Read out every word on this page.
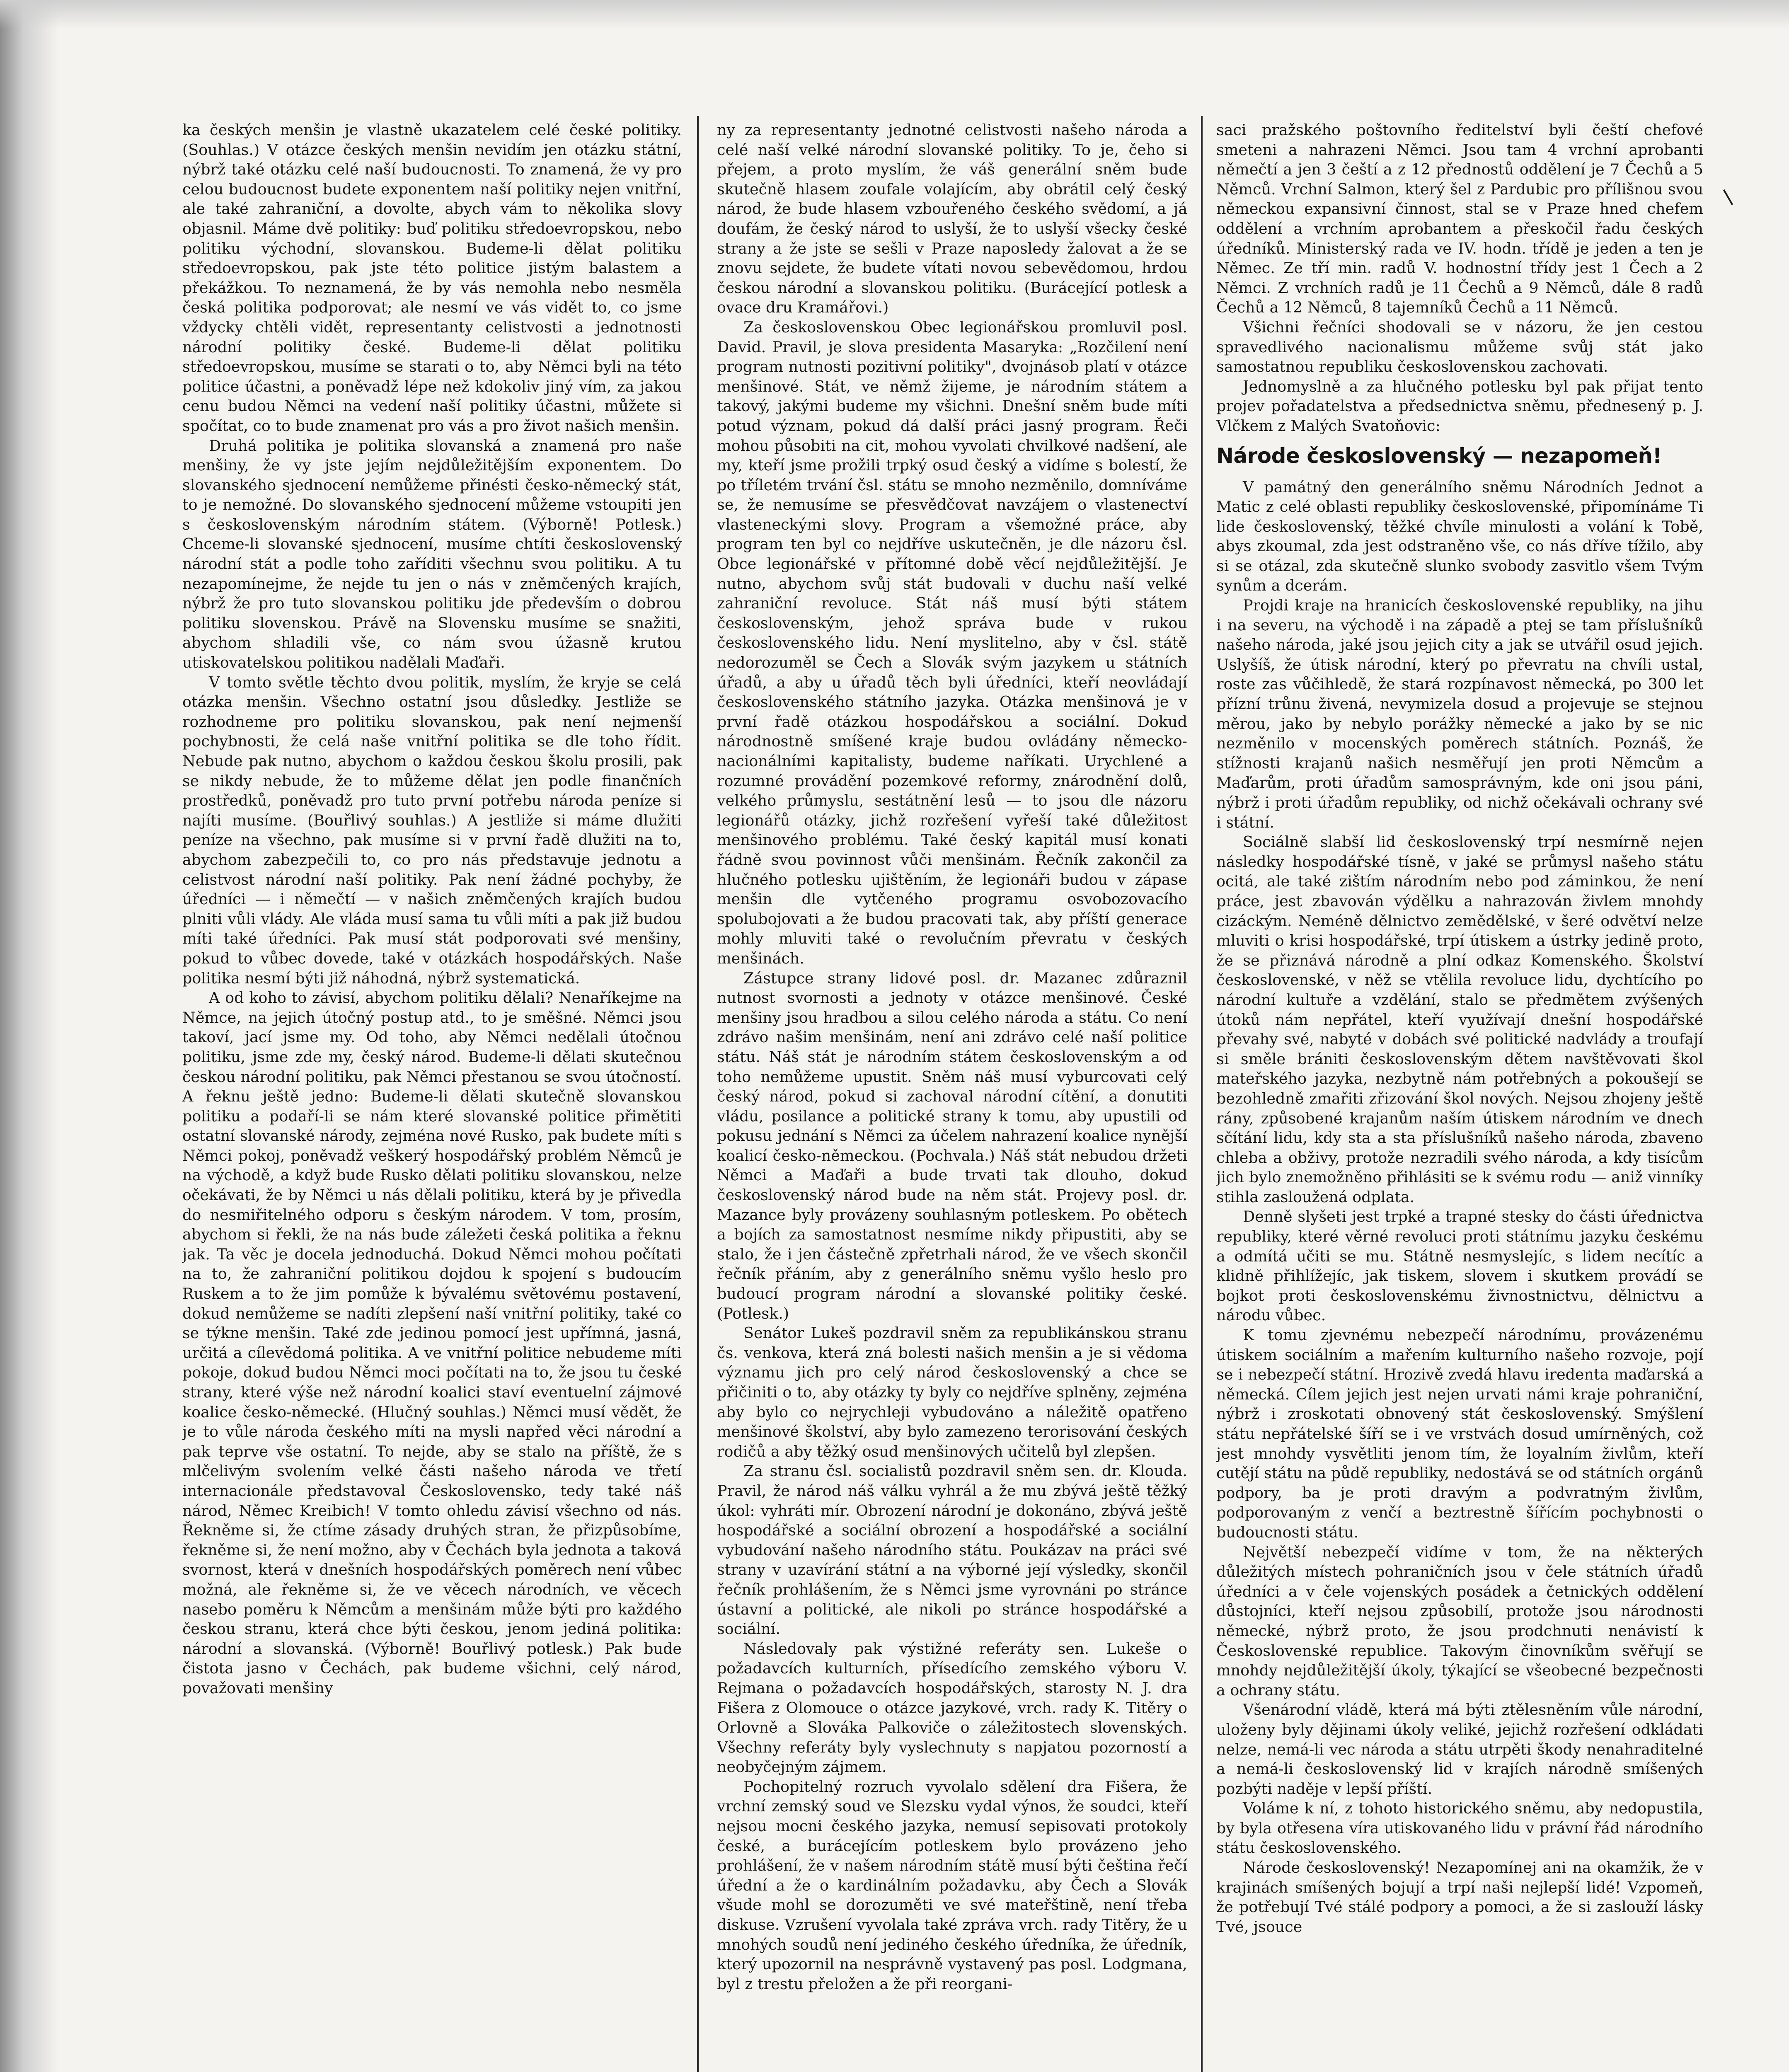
ka českých menšin je vlastně ukazatelem celé české politiky. (Souhlas.) V otázce českých menšin nevidím jen otázku státní, nýbrž také otázku celé naší budoucnosti. To znamená, že vy pro celou budoucnost budete exponentem naší politiky nejen vnitřní, ale také zahraniční, a dovolte, abych vám to několika slovy objasnil. Máme dvě politiky: buď politiku středoevropskou, nebo politiku východní, slovanskou. Budeme-li dělat politiku středoevropskou, pak jste této politice jistým balastem a překážkou. To neznamená, že by vás nemohla nebo nesměla česká politika podporovat; ale nesmí ve vás vidět to, co jsme vždycky chtěli vidět, representanty celistvosti a jednotnosti národní politiky české. Budeme-li dělat politiku středoevropskou, musíme se starati o to, aby Němci byli na této politice účastni, a poněvadž lépe než kdokoliv jiný vím, za jakou cenu budou Němci na vedení naší politiky účastni, můžete si spočítat, co to bude znamenat pro vás a pro život našich menšin.

Druhá politika je politika slovanská a znamená pro naše menšiny, že vy jste jejím nejdůležitějším exponentem. Do slovanského sjednocení nemůžeme přinésti česko-německý stát, to je nemožné. Do slovanského sjednocení můžeme vstoupiti jen s československým národním státem. (Výborně! Potlesk.) Chceme-li slovanské sjednocení, musíme chtíti československý národní stát a podle toho zaříditi všechnu svou politiku. A tu nezapomínejme, že nejde tu jen o nás v zněmčených krajích, nýbrž že pro tuto slovanskou politiku jde především o dobrou politiku slovenskou. Právě na Slovensku musíme se snažiti, abychom shladili vše, co nám svou úžasně krutou utiskovatelskou politikou nadělali Maďaři.

V tomto světle těchto dvou politik, myslím, že kryje se celá otázka menšin. Všechno ostatní jsou důsledky. Jestliže se rozhodneme pro politiku slovanskou, pak není nejmenší pochybnosti, že celá naše vnitřní politika se dle toho řídit. Nebude pak nutno, abychom o každou českou školu prosili, pak se nikdy nebude, že to můžeme dělat jen podle finančních prostředků, poněvadž pro tuto první potřebu národa peníze si najíti musíme. (Bouřlivý souhlas.) A jestliže si máme dlužiti peníze na všechno, pak musíme si v první řadě dlužiti na to, abychom zabezpečili to, co pro nás představuje jednotu a celistvost národní naší politiky. Pak není žádné pochyby, že úředníci — i němečtí — v našich zněmčených krajích budou plniti vůli vlády. Ale vláda musí sama tu vůli míti a pak již budou míti také úředníci. Pak musí stát podporovati své menšiny, pokud to vůbec dovede, také v otázkách hospodářských. Naše politika nesmí býti již náhodná, nýbrž systematická.

A od koho to závisí, abychom politiku dělali? Nenaříkejme na Němce, na jejich útočný postup atd., to je směšné. Němci jsou takoví, jací jsme my. Od toho, aby Němci nedělali útočnou politiku, jsme zde my, český národ. Budeme-li dělati skutečnou českou národní politiku, pak Němci přestanou se svou útočností. A řeknu ještě jedno: Budeme-li dělati skutečně slovanskou politiku a podaří-li se nám které slovanské politice přimětiti ostatní slovanské národy, zejména nové Rusko, pak budete míti s Němci pokoj, poněvadž veškerý hospodářský problém Němců je na východě, a když bude Rusko dělati politiku slovanskou, nelze očekávati, že by Němci u nás dělali politiku, která by je přivedla do nesmiřitelného odporu s českým národem. V tom, prosím, abychom si řekli, že na nás bude záležeti česká politika a řeknu jak. Ta věc je docela jednoduchá. Dokud Němci mohou počítati na to, že zahraniční politikou dojdou k spojení s budoucím Ruskem a to že jim pomůže k bývalému světovému postavení, dokud nemůžeme se nadíti zlepšení naší vnitřní politiky, také co se týkne menšin. Také zde jedinou pomocí jest upřímná, jasná, určitá a cílevědomá politika. A ve vnitřní politice nebudeme míti pokoje, dokud budou Němci moci počítati na to, že jsou tu české strany, které výše než národní koalici staví eventuelní zájmové koalice česko-německé. (Hlučný souhlas.) Němci musí vědět, že je to vůle národa českého míti na mysli napřed věci národní a pak teprve vše ostatní. To nejde, aby se stalo na příště, že s mlčelivým svolením velké části našeho národa ve třetí internacionále představoval Československo, tedy také náš národ, Němec Kreibich! V tomto ohledu závisí všechno od nás. Řekněme si, že ctíme zásady druhých stran, že přizpůsobíme, řekněme si, že není možno, aby v Čechách byla jednota a taková svornost, která v dnešních hospodářských poměrech není vůbec možná, ale řekněme si, že ve věcech národních, ve věcech nasebo poměru k Němcům a menšinám může býti pro každého českou stranu, která chce býti českou, jenom jediná politika: národní a slovanská. (Výborně! Bouřlivý potlesk.) Pak bude čistota jasno v Čechách, pak budeme všichni, celý národ, považovati menšiny

ny za representanty jednotné celistvosti našeho národa a celé naší velké národní slovanské politiky. To je, čeho si přejem, a proto myslím, že váš generální sněm bude skutečně hlasem zoufale volajícím, aby obrátil celý český národ, že bude hlasem vzbouřeného českého svědomí, a já doufám, že český národ to uslyší, že to uslyší všecky české strany a že jste se sešli v Praze naposledy žalovat a že se znovu sejdete, že budete vítati novou sebevědomou, hrdou českou národní a slovanskou politiku. (Burácející potlesk a ovace dru Kramářovi.)

Za československou Obec legionářskou promluvil posl. David. Pravil, je slova presidenta Masaryka: „Rozčilení není program nutnosti pozitivní politiky", dvojnásob platí v otázce menšinové. Stát, ve němž žijeme, je národním státem a takový, jakými budeme my všichni. Dnešní sněm bude míti potud význam, pokud dá další práci jasný program. Řeči mohou působiti na cit, mohou vyvolati chvilkové nadšení, ale my, kteří jsme prožili trpký osud český a vidíme s bolestí, že po tříletém trvání čsl. státu se mnoho nezměnilo, domníváme se, že nemusíme se přesvědčovat navzájem o vlastenectví vlasteneckými slovy. Program a všemožné práce, aby program ten byl co nejdříve uskutečněn, je dle názoru čsl. Obce legionářské v přítomné době věcí nejdůležitější. Je nutno, abychom svůj stát budovali v duchu naší velké zahraniční revoluce. Stát náš musí býti státem československým, jehož správa bude v rukou československého lidu. Není myslitelno, aby v čsl. státě nedorozuměl se Čech a Slovák svým jazykem u státních úřadů, a aby u úřadů těch byli úředníci, kteří neovládají československého státního jazyka. Otázka menšinová je v první řadě otázkou hospodářskou a sociální. Dokud národnostně smíšené kraje budou ovládány německo-nacionálními kapitalisty, budeme naříkati. Urychlené a rozumné provádění pozemkové reformy, znárodnění dolů, velkého průmyslu, sestátnění lesů — to jsou dle názoru legionářů otázky, jichž rozřešení vyřeší také důležitost menšinového problému. Také český kapitál musí konati řádně svou povinnost vůči menšinám. Řečník zakončil za hlučného potlesku ujištěním, že legionáři budou v zápase menšin dle vytčeného programu osvobozovacího spolubojovati a že budou pracovati tak, aby příští generace mohly mluviti také o revolučním převratu v českých menšinách.

Zástupce strany lidové posl. dr. Mazanec zdůraznil nutnost svornosti a jednoty v otázce menšinové. České menšiny jsou hradbou a silou celého národa a státu. Co není zdrávo našim menšinám, není ani zdrávo celé naší politice státu. Náš stát je národním státem československým a od toho nemůžeme upustit. Sněm náš musí vyburcovati celý český národ, pokud si zachoval národní cítění, a donutiti vládu, posilance a politické strany k tomu, aby upustili od pokusu jednání s Němci za účelem nahrazení koalice nynější koalicí česko-německou. (Pochvala.) Náš stát nebudou držeti Němci a Maďaři a bude trvati tak dlouho, dokud československý národ bude na něm stát. Projevy posl. dr. Mazance byly provázeny souhlasným potleskem. Po obětech a bojích za samostatnost nesmíme nikdy připustiti, aby se stalo, že i jen částečně zpřetrhali národ, že ve všech skončil řečník přáním, aby z generálního sněmu vyšlo heslo pro budoucí program národní a slovanské politiky české. (Potlesk.)

Senátor Lukeš pozdravil sněm za republikánskou stranu čs. venkova, která zná bolesti našich menšin a je si vědoma významu jich pro celý národ československý a chce se přičiniti o to, aby otázky ty byly co nejdříve splněny, zejména aby bylo co nejrychleji vybudováno a náležitě opatřeno menšinové školství, aby bylo zamezeno terorisování českých rodičů a aby těžký osud menšinových učitelů byl zlepšen.

Za stranu čsl. socialistů pozdravil sněm sen. dr. Klouda. Pravil, že národ náš válku vyhrál a že mu zbývá ještě těžký úkol: vyhráti mír. Obrození národní je dokonáno, zbývá ještě hospodářské a sociální obrození a hospodářské a sociální vybudování našeho národního státu. Poukázav na práci své strany v uzavírání státní a na výborné její výsledky, skončil řečník prohlášením, že s Němci jsme vyrovnáni po stránce ústavní a politické, ale nikoli po stránce hospodářské a sociální.

Následovaly pak výstižné referáty sen. Lukeše o požadavcích kulturních, přísedícího zemského výboru V. Rejmana o požadavcích hospodářských, starosty N. J. dra Fišera z Olomouce o otázce jazykové, vrch. rady K. Titěry o Orlovně a Slováka Palkoviče o záležitostech slovenských. Všechny referáty byly vyslechnuty s napjatou pozorností a neobyčejným zájmem.

Pochopitelný rozruch vyvolalo sdělení dra Fišera, že vrchní zemský soud ve Slezsku vydal výnos, že soudci, kteří nejsou mocni českého jazyka, nemusí sepisovati protokoly české, a burácejícím potleskem bylo provázeno jeho prohlášení, že v našem národním státě musí býti čeština řečí úřední a že o kardinálním požadavku, aby Čech a Slovák všude mohl se dorozuměti ve své mateřštině, není třeba diskuse. Vzrušení vyvolala také zpráva vrch. rady Titěry, že u mnohých soudů není jediného českého úředníka, že úředník, který upozornil na nesprávně vystavený pas posl. Lodgmana, byl z trestu přeložen a že při reorgani-

saci pražského poštovního ředitelství byli čeští chefové smeteni a nahrazeni Němci. Jsou tam 4 vrchní aprobanti němečtí a jen 3 čeští a z 12 přednostů oddělení je 7 Čechů a 5 Němců. Vrchní Salmon, který šel z Pardubic pro přílišnou svou německou expansivní činnost, stal se v Praze hned chefem oddělení a vrchním aprobantem a přeskočil řadu českých úředníků. Ministerský rada ve IV. hodn. třídě je jeden a ten je Němec. Ze tří min. radů V. hodnostní třídy jest 1 Čech a 2 Němci. Z vrchních radů je 11 Čechů a 9 Němců, dále 8 radů Čechů a 12 Němců, 8 tajemníků Čechů a 11 Němců.

Všichni řečníci shodovali se v názoru, že jen cestou spravedlivého nacionalismu můžeme svůj stát jako samostatnou republiku československou zachovati.

Jednomyslně a za hlučného potlesku byl pak přijat tento projev pořadatelstva a předsednictva sněmu, přednesený p. J. Vlčkem z Malých Svatoňovic:

Národe československý — nezapomeň!

V památný den generálního sněmu Národních Jednot a Matic z celé oblasti republiky československé, připomínáme Ti lide československý, těžké chvíle minulosti a volání k Tobě, abys zkoumal, zda jest odstraněno vše, co nás dříve tížilo, aby si se otázal, zda skutečně slunko svobody zasvitlo všem Tvým synům a dcerám.

Projdi kraje na hranicích československé republiky, na jihu i na severu, na východě i na západě a ptej se tam příslušníků našeho národa, jaké jsou jejich city a jak se utvářil osud jejich. Uslyšíš, že útisk národní, který po převratu na chvíli ustal, roste zas vůčihledě, že stará rozpínavost německá, po 300 let přízní trůnu živená, nevymizela dosud a projevuje se stejnou měrou, jako by nebylo porážky německé a jako by se nic nezměnilo v mocenských poměrech státních. Poznáš, že stížnosti krajanů našich nesměřují jen proti Němcům a Maďarům, proti úřadům samosprávným, kde oni jsou páni, nýbrž i proti úřadům republiky, od nichž očekávali ochrany své i státní.

Sociálně slabší lid československý trpí nesmírně nejen následky hospodářské tísně, v jaké se průmysl našeho státu ocitá, ale také zištím národním nebo pod záminkou, že není práce, jest zbavován výdělku a nahrazován živlem mnohdy cizáckým. Neméně dělnictvo zemědělské, v šeré odvětví nelze mluviti o krisi hospodářské, trpí útiskem a ústrky jedině proto, že se přiznává národně a plní odkaz Komenského. Školství československé, v něž se vtělila revoluce lidu, dychtícího po národní kultuře a vzdělání, stalo se předmětem zvýšených útoků nám nepřátel, kteří využívají dnešní hospodářské převahy své, nabyté v dobách své politické nadvlády a troufají si směle brániti československým dětem navštěvovati škol mateřského jazyka, nezbytně nám potřebných a pokoušejí se bezohledně zmařiti zřizování škol nových. Nejsou zhojeny ještě rány, způsobené krajanům naším útiskem národním ve dnech sčítání lidu, kdy sta a sta příslušníků našeho národa, zbaveno chleba a obživy, protože nezradili svého národa, a kdy tisícům jich bylo znemožněno přihlásiti se k svému rodu — aniž vinníky stihla zasloužená odplata.

Denně slyšeti jest trpké a trapné stesky do části úřednictva republiky, které věrné revoluci proti státnímu jazyku českému a odmítá učiti se mu. Státně nesmyslejíc, s lidem necítíc a klidně přihlížejíc, jak tiskem, slovem i skutkem provádí se bojkot proti československému živnostnictvu, dělnictvu a národu vůbec.

K tomu zjevnému nebezpečí národnímu, provázenému útiskem sociálním a mařením kulturního našeho rozvoje, pojí se i nebezpečí státní. Hrozivě zvedá hlavu iredenta maďarská a německá. Cílem jejich jest nejen urvati námi kraje pohraniční, nýbrž i zroskotati obnovený stát československý. Smýšlení státu nepřátelské šíří se i ve vrstvách dosud umírněných, což jest mnohdy vysvětliti jenom tím, že loyalním živlům, kteří cutějí státu na půdě republiky, nedostává se od státních orgánů podpory, ba je proti dravým a podvratným živlům, podporovaným z venčí a beztrestně šířícím pochybnosti o budoucnosti státu.

Největší nebezpečí vidíme v tom, že na některých důležitých místech pohraničních jsou v čele státních úřadů úředníci a v čele vojenských posádek a četnických oddělení důstojníci, kteří nejsou způsobilí, protože jsou národnosti německé, nýbrž proto, že jsou prodchnuti nenávistí k Československé republice. Takovým činovníkům svěřují se mnohdy nejdůležitější úkoly, týkající se všeobecné bezpečnosti a ochrany státu.

Všenárodní vládě, která má býti ztělesněním vůle národní, uloženy byly dějinami úkoly veliké, jejichž rozřešení odkládati nelze, nemá-li vec národa a státu utrpěti škody nenahraditelné a nemá-li československý lid v krajích národně smíšených pozbýti naděje v lepší příští.

Voláme k ní, z tohoto historického sněmu, aby nedopustila, by byla otřesena víra utiskovaného lidu v právní řád národního státu československého.

Národe československý! Nezapomínej ani na okamžik, že v krajinách smíšených bojují a trpí naši nejlepší lidé! Vzpomeň, že potřebují Tvé stálé podpory a pomoci, a že si zaslouží lásky Tvé, jsouce
